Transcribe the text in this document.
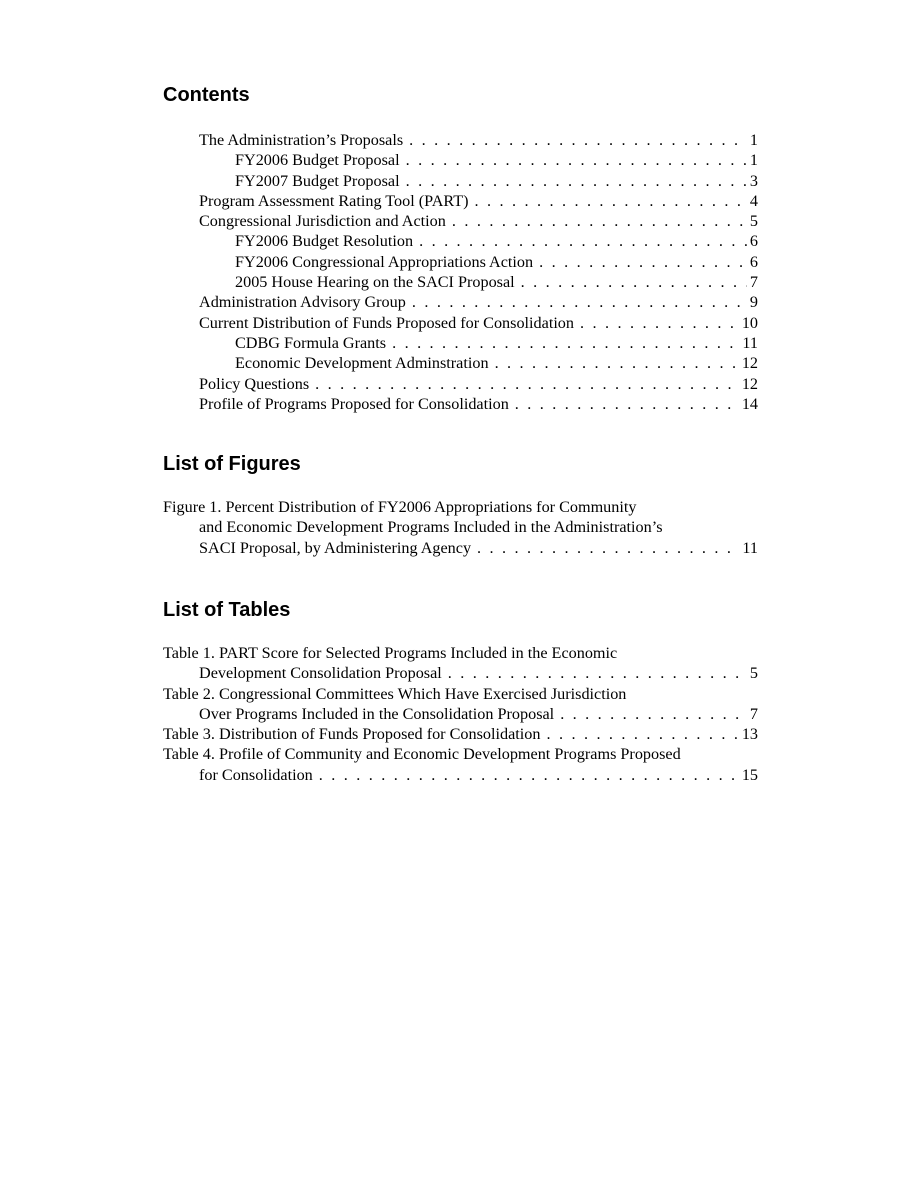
Contents
The Administration’s Proposals . . .	1
FY2006 Budget Proposal . . .	1
FY2007 Budget Proposal . . .	3
Program Assessment Rating Tool (PART) . . .	4
Congressional Jurisdiction and Action . . .	5
FY2006 Budget Resolution . . .	6
FY2006 Congressional Appropriations Action . . .	6
2005 House Hearing on the SACI Proposal . . .	7
Administration Advisory Group . . .	9
Current Distribution of Funds Proposed for Consolidation . . .	10
CDBG Formula Grants . . .	11
Economic Development Adminstration . . .	12
Policy Questions . . .	12
Profile of Programs Proposed for Consolidation . . .	14
List of Figures
Figure 1. Percent Distribution of FY2006 Appropriations for Community
and Economic Development Programs Included in the Administration’s
SACI Proposal, by Administering Agency . . .	11
List of Tables
Table 1. PART Score for Selected Programs Included in the Economic
Development Consolidation Proposal . . .	5
Table 2. Congressional Committees Which Have Exercised Jurisdiction
Over Programs Included in the Consolidation Proposal . . .	7
Table 3. Distribution of Funds Proposed for Consolidation . . .	13
Table 4. Profile of Community and Economic Development Programs Proposed
for Consolidation . . .	15
